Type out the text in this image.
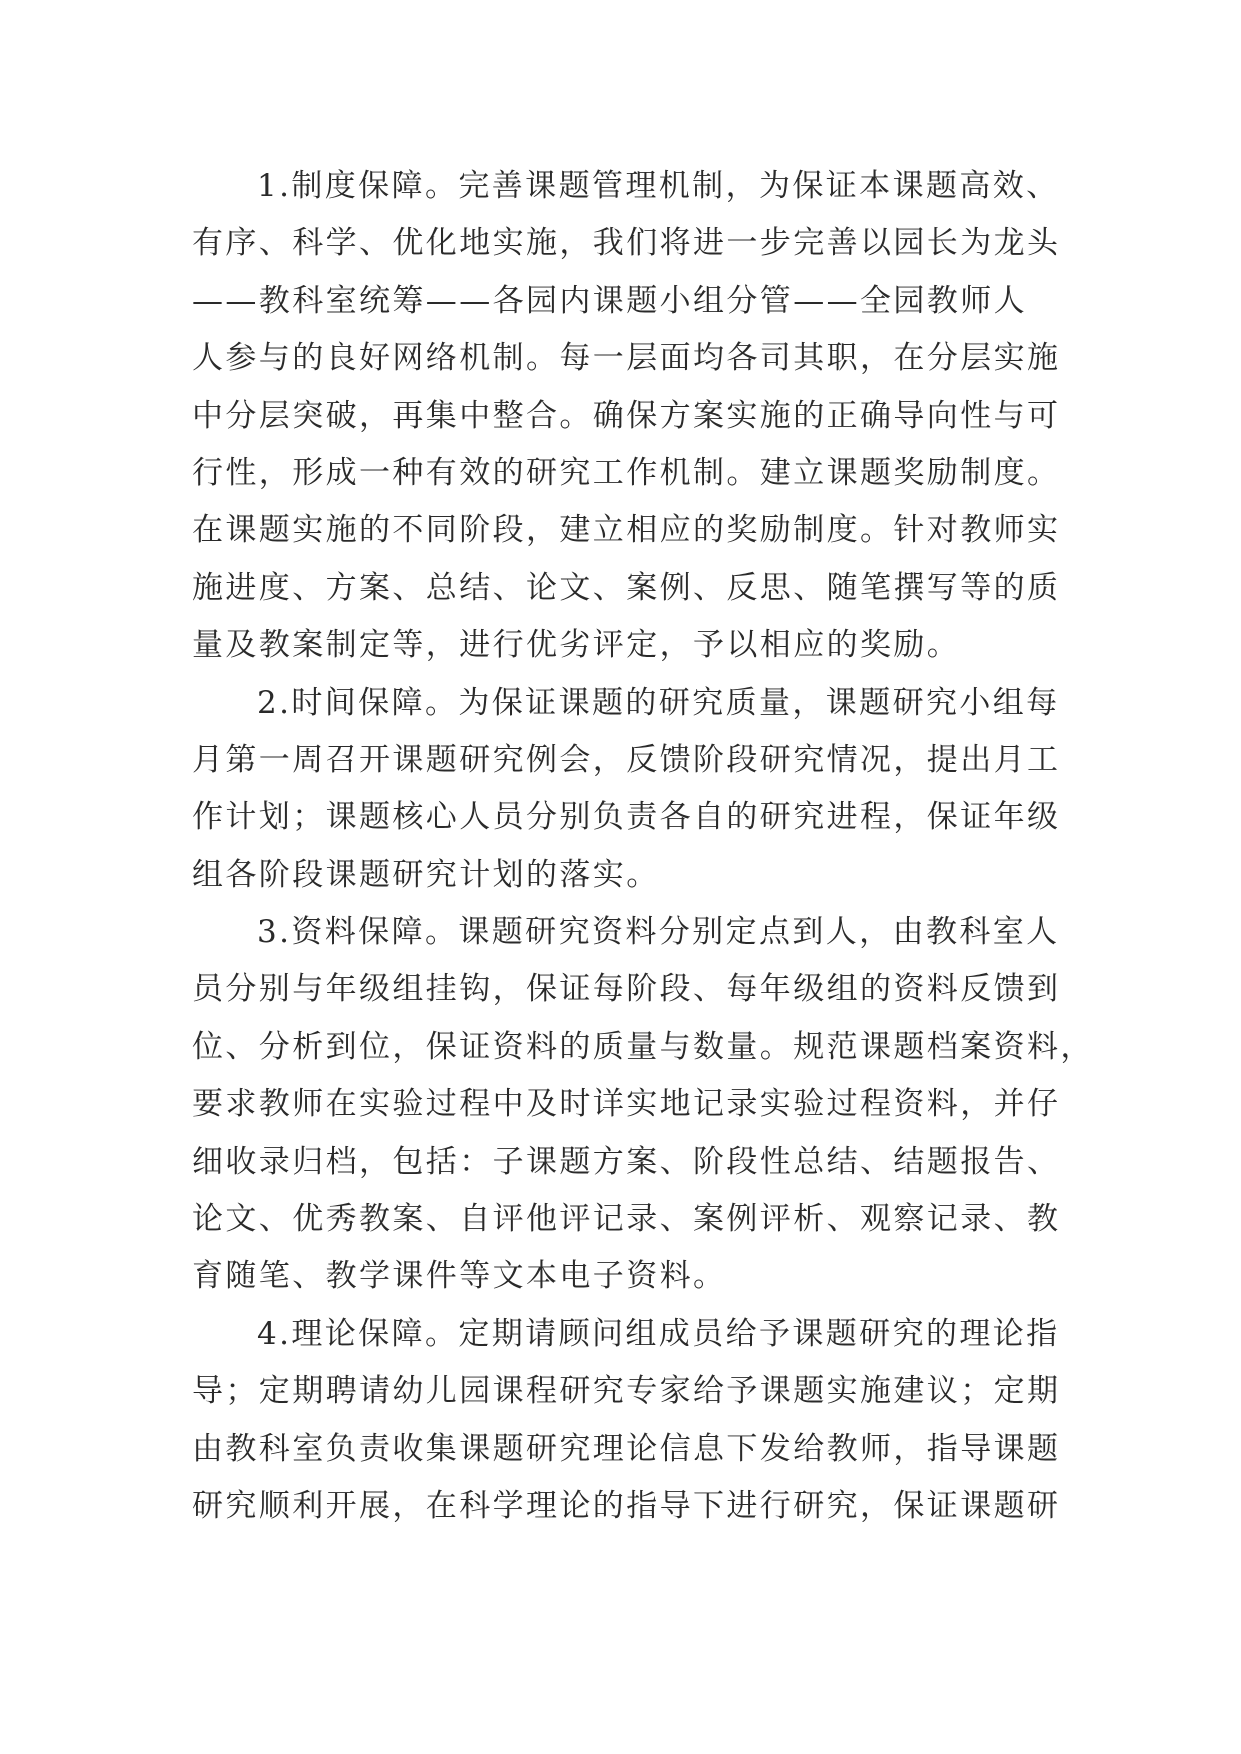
1.制度保障。完善课题管理机制，为保证本课题高效、
有序、科学、优化地实施，我们将进一步完善以园长为龙头
——教科室统筹——各园内课题小组分管——全园教师人
人参与的良好网络机制。每一层面均各司其职，在分层实施
中分层突破，再集中整合。确保方案实施的正确导向性与可
行性，形成一种有效的研究工作机制。建立课题奖励制度。
在课题实施的不同阶段，建立相应的奖励制度。针对教师实
施进度、方案、总结、论文、案例、反思、随笔撰写等的质
量及教案制定等，进行优劣评定，予以相应的奖励。
2.时间保障。为保证课题的研究质量，课题研究小组每
月第一周召开课题研究例会，反馈阶段研究情况，提出月工
作计划；课题核心人员分别负责各自的研究进程，保证年级
组各阶段课题研究计划的落实。
3.资料保障。课题研究资料分别定点到人，由教科室人
员分别与年级组挂钩，保证每阶段、每年级组的资料反馈到
位、分析到位，保证资料的质量与数量。规范课题档案资料，
要求教师在实验过程中及时详实地记录实验过程资料，并仔
细收录归档，包括：子课题方案、阶段性总结、结题报告、
论文、优秀教案、自评他评记录、案例评析、观察记录、教
育随笔、教学课件等文本电子资料。
4.理论保障。定期请顾问组成员给予课题研究的理论指
导；定期聘请幼儿园课程研究专家给予课题实施建议；定期
由教科室负责收集课题研究理论信息下发给教师，指导课题
研究顺利开展，在科学理论的指导下进行研究，保证课题研
